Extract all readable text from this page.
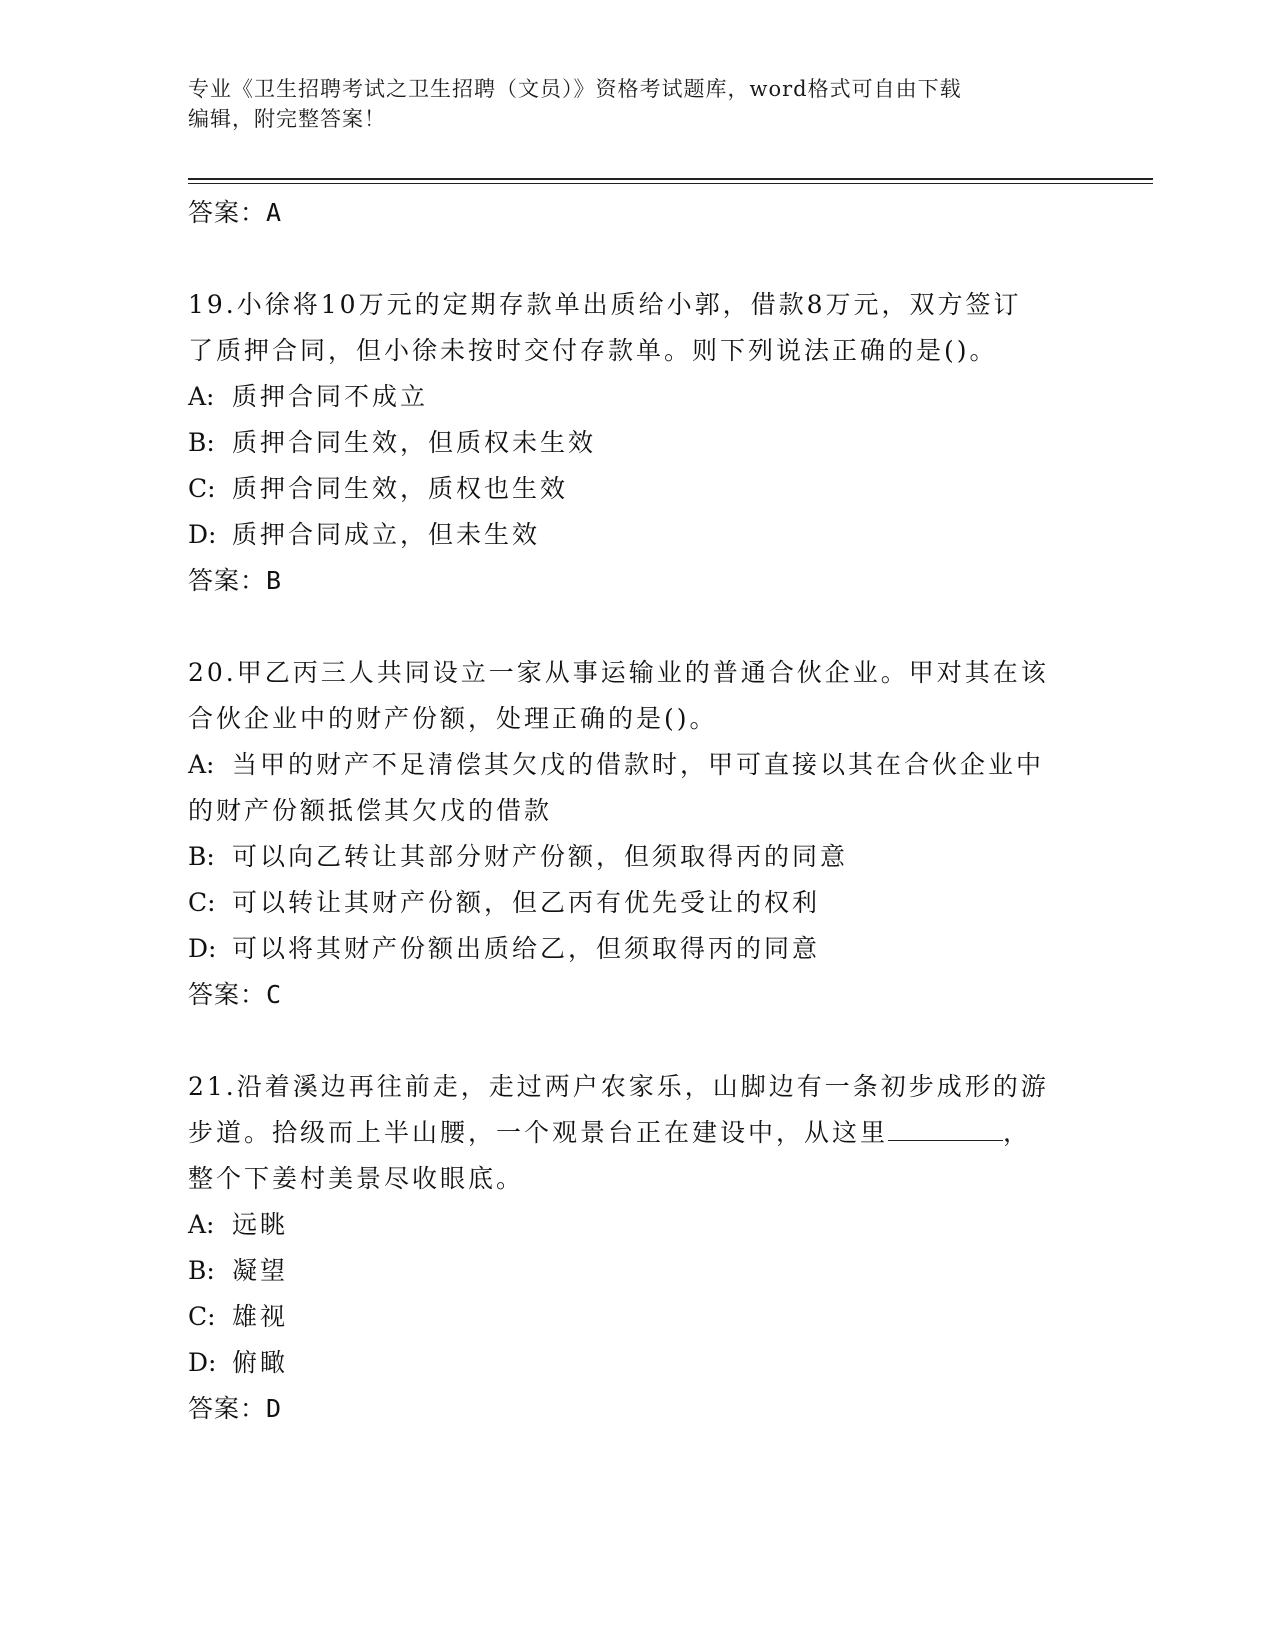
专业《卫生招聘考试之卫生招聘（文员）》资格考试题库，word格式可自由下载
编辑，附完整答案！

答案：A

19.小徐将10万元的定期存款单出质给小郭，借款8万元，双方签订

了质押合同，但小徐未按时交付存款单。则下列说法正确的是()。

A: 质押合同不成立

B: 质押合同生效，但质权未生效

C: 质押合同生效，质权也生效

D: 质押合同成立，但未生效

答案：B

20.甲乙丙三人共同设立一家从事运输业的普通合伙企业。甲对其在该

合伙企业中的财产份额，处理正确的是()。

A: 当甲的财产不足清偿其欠戊的借款时，甲可直接以其在合伙企业中

的财产份额抵偿其欠戊的借款

B: 可以向乙转让其部分财产份额，但须取得丙的同意

C: 可以转让其财产份额，但乙丙有优先受让的权利

D: 可以将其财产份额出质给乙，但须取得丙的同意

答案：C

21.沿着溪边再往前走，走过两户农家乐，山脚边有一条初步成形的游

步道。拾级而上半山腰，一个观景台正在建设中，从这里	，

整个下姜村美景尽收眼底。

A: 远眺

B: 凝望

C: 雄视

D: 俯瞰

答案：D
